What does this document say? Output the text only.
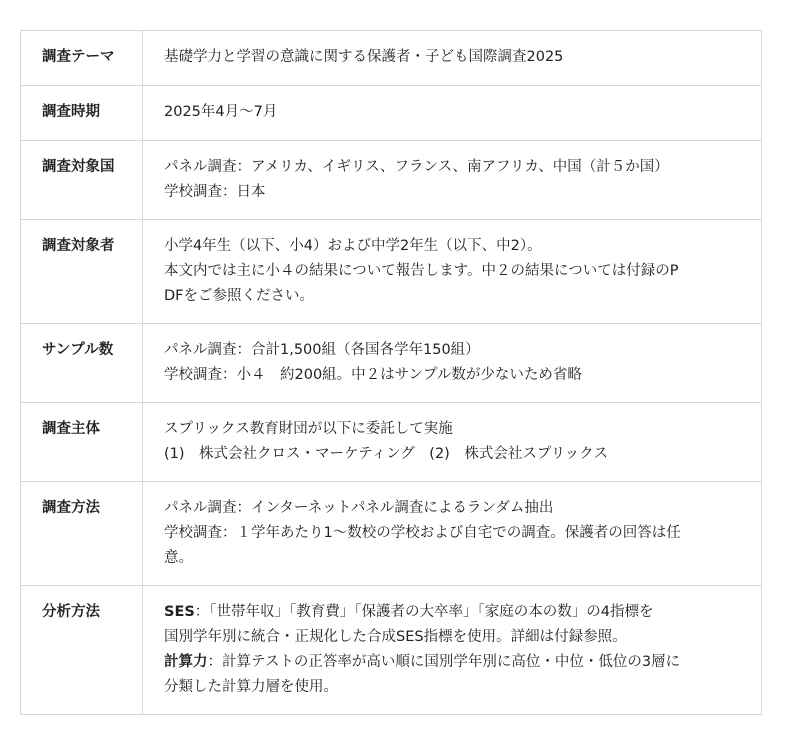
調査テーマ	基礎学力と学習の意識に関する保護者・子ども国際調査2025

調査時期	2025年4月〜7月

調査対象国	パネル調査：アメリカ、イギリス、フランス、南アフリカ、中国（計５か国）

学校調査：日本

調査対象者	小学4年生（以下、小4）および中学2年生（以下、中2）。

本文内では主に小４の結果について報告します。中２の結果については付録のP

DFをご参照ください。

サンプル数	パネル調査：合計1,500組（各国各学年150組）

学校調査：小４　約200組。中２はサンプル数が少ないため省略

調査主体	スプリックス教育財団が以下に委託して実施

(1)　株式会社クロス・マーケティング　(2)　株式会社スプリックス

調査方法	パネル調査：インターネットパネル調査によるランダム抽出

学校調査：１学年あたり1〜数校の学校および自宅での調査。保護者の回答は任

意。

分析方法	SES：「世帯年収」「教育費」「保護者の大卒率」「家庭の本の数」の4指標を

国別学年別に統合・正規化した合成SES指標を使用。詳細は付録参照。

計算力：計算テストの正答率が高い順に国別学年別に高位・中位・低位の3層に

分類した計算力層を使用。
